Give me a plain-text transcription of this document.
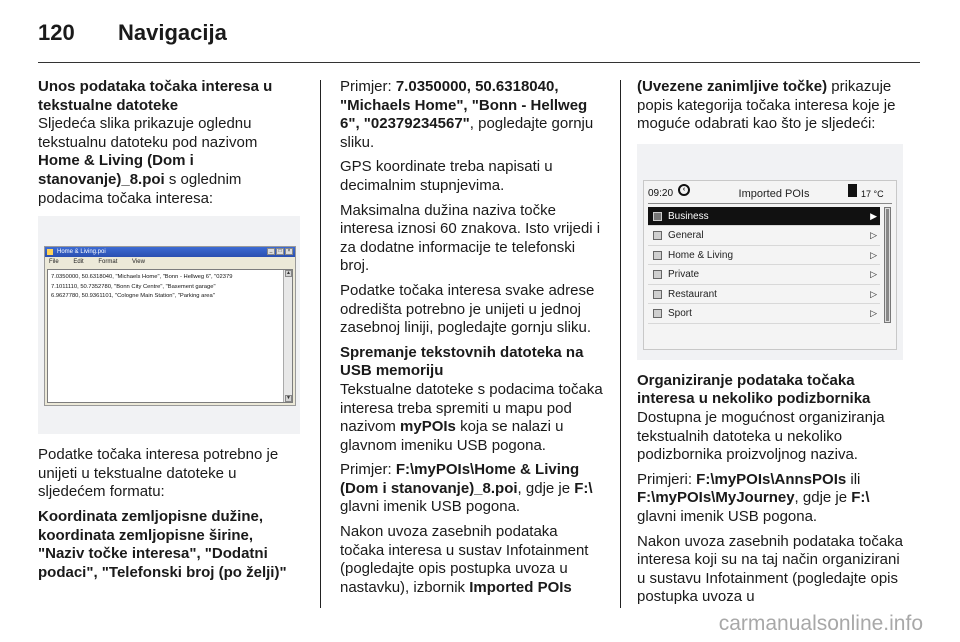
120 Navigacija

Unos podataka točaka interesa u tekstualne datoteke

Sljedeća slika prikazuje oglednu tekstualnu datoteku pod nazivom Home & Living (Dom i stanovanje)_8.poi s oglednim podacima točaka interesa:

Home & Living.poi	_ □ ×
File Edit Format View
7.0350000, 50.6318040, "Michaels Home", "Bonn - Hellweg 6", "02379
7.1011110, 50.7352780, "Bonn City Centre", "Basement garage"
6.9627780, 50.9361101, "Cologne Main Station", "Parking area"
▲
▼

Podatke točaka interesa potrebno je unijeti u tekstualne datoteke u sljedećem formatu:

Koordinata zemljopisne dužine, koordinata zemljopisne širine, "Naziv točke interesa", "Dodatni podaci", "Telefonski broj (po želji)"

Primjer: 7.0350000, 50.6318040, "Michaels Home", "Bonn - Hellweg 6", "02379234567", pogledajte gornju sliku.

GPS koordinate treba napisati u decimalnim stupnjevima.

Maksimalna dužina naziva točke interesa iznosi 60 znakova. Isto vrijedi i za dodatne informacije te telefonski broj.

Podatke točaka interesa svake adrese odredišta potrebno je unijeti u jednoj zasebnoj liniji, pogledajte gornju sliku.

Spremanje tekstovnih datoteka na USB memoriju

Tekstualne datoteke s podacima točaka interesa treba spremiti u mapu pod nazivom myPOIs koja se nalazi u glavnom imeniku USB pogona.

Primjer: F:\myPOIs\Home & Living (Dom i stanovanje)_8.poi, gdje je F:\ glavni imenik USB pogona.

Nakon uvoza zasebnih podataka točaka interesa u sustav Infotainment (pogledajte opis postupka uvoza u nastavku), izbornik Imported POIs

(Uvezene zanimljive točke) prikazuje popis kategorija točaka interesa koje je moguće odabrati kao što je sljedeći:

09:20	‹	Imported POIs	17 °C
Business	▶
General	▷
Home & Living	▷
Private	▷
Restaurant	▷
Sport	▷

Organiziranje podataka točaka interesa u nekoliko podizbornika

Dostupna je mogućnost organiziranja tekstualnih datoteka u nekoliko podizbornika proizvoljnog naziva.

Primjeri: F:\myPOIs\AnnsPOIs ili F:\myPOIs\MyJourney, gdje je F:\ glavni imenik USB pogona.

Nakon uvoza zasebnih podataka točaka interesa koji su na taj način organizirani u sustavu Infotainment (pogledajte opis postupka uvoza u

carmanualsonline.info
